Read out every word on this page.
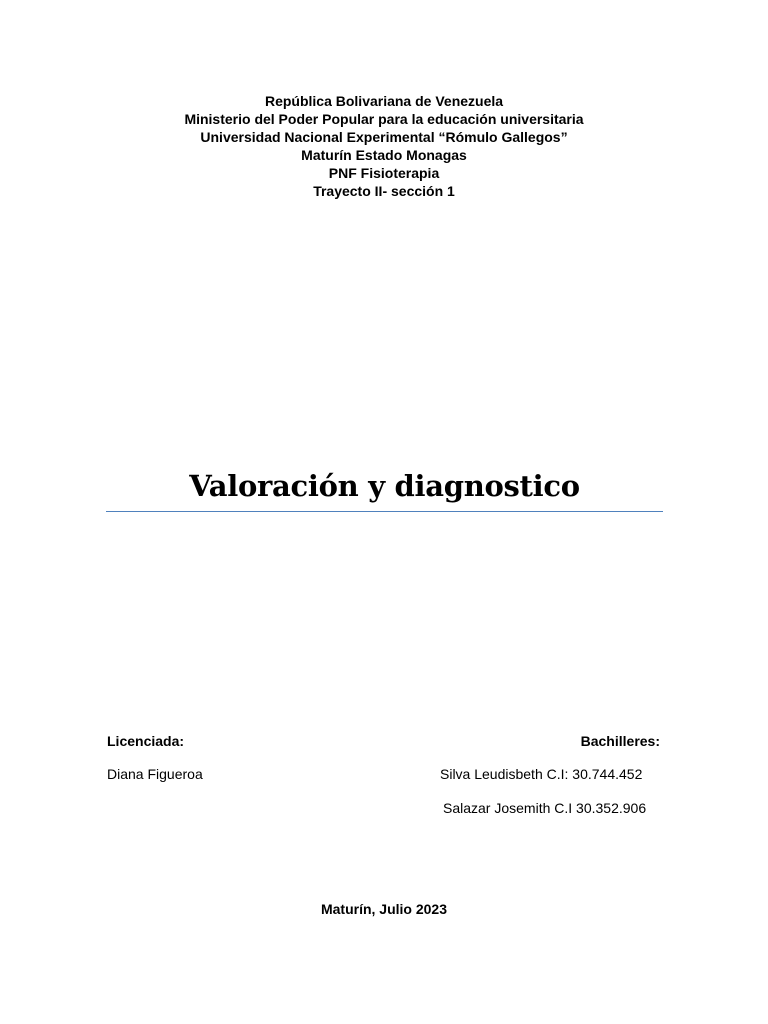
República Bolivariana de Venezuela
Ministerio del Poder Popular para la educación universitaria
Universidad Nacional Experimental “Rómulo Gallegos”
Maturín Estado Monagas
PNF Fisioterapia
Trayecto II- sección 1
Valoración y diagnostico
Licenciada:	Bachilleres:
Diana Figueroa	Silva Leudisbeth C.I: 30.744.452
Salazar Josemith C.I 30.352.906
Maturín, Julio 2023
